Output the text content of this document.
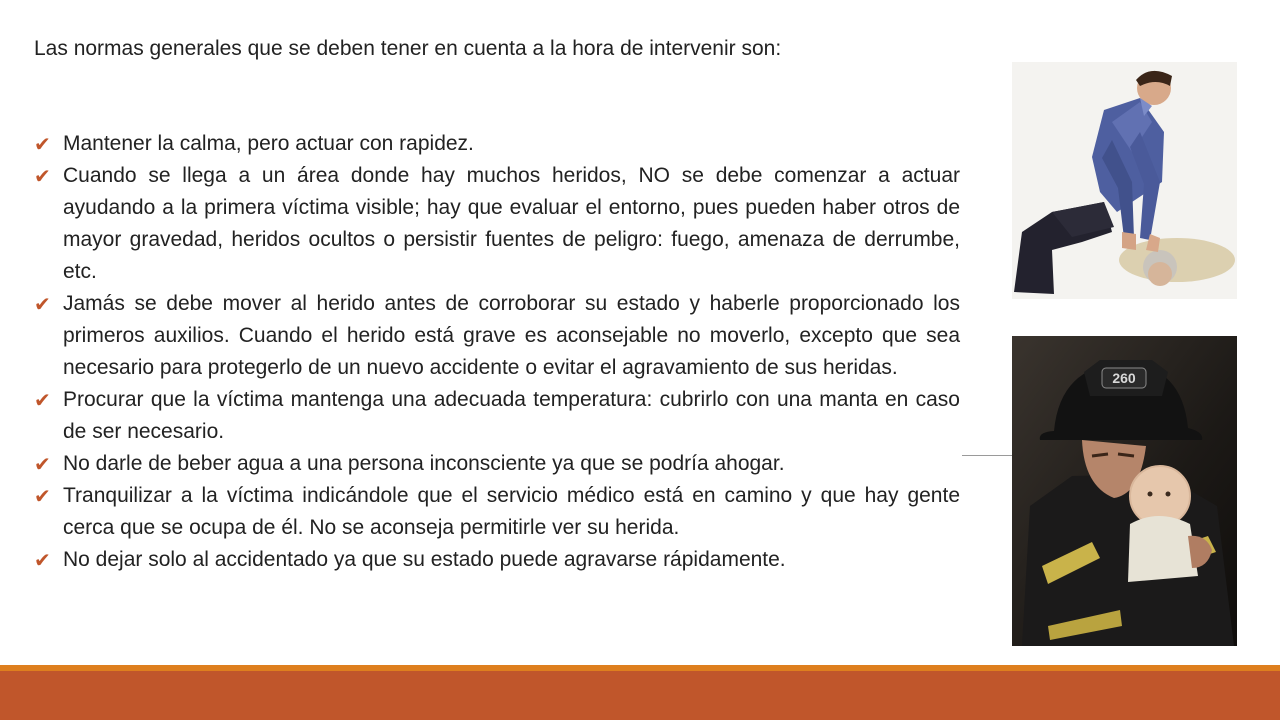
Las normas generales que se deben tener en cuenta a la hora de intervenir son:

✔ Mantener la calma, pero actuar con rapidez.
✔ Cuando se llega a un área donde hay muchos heridos, NO se debe comenzar a actuar ayudando a la primera víctima visible; hay que evaluar el entorno, pues pueden haber otros de mayor gravedad, heridos ocultos o persistir fuentes de peligro: fuego, amenaza de derrumbe, etc.
✔ Jamás se debe mover al herido antes de corroborar su estado y haberle proporcionado los primeros auxilios. Cuando el herido está grave es aconsejable no moverlo, excepto que sea necesario para protegerlo de un nuevo accidente o evitar el agravamiento de sus heridas.
✔ Procurar que la víctima mantenga una adecuada temperatura: cubrirlo con una manta en caso de ser necesario.
✔ No darle de beber agua a una persona inconsciente ya que se podría ahogar.
✔ Tranquilizar a la víctima indicándole que el servicio médico está en camino y que hay gente cerca que se ocupa de él. No se aconseja permitirle ver su herida.
✔ No dejar solo al accidentado ya que su estado puede agravarse rápidamente.
260
